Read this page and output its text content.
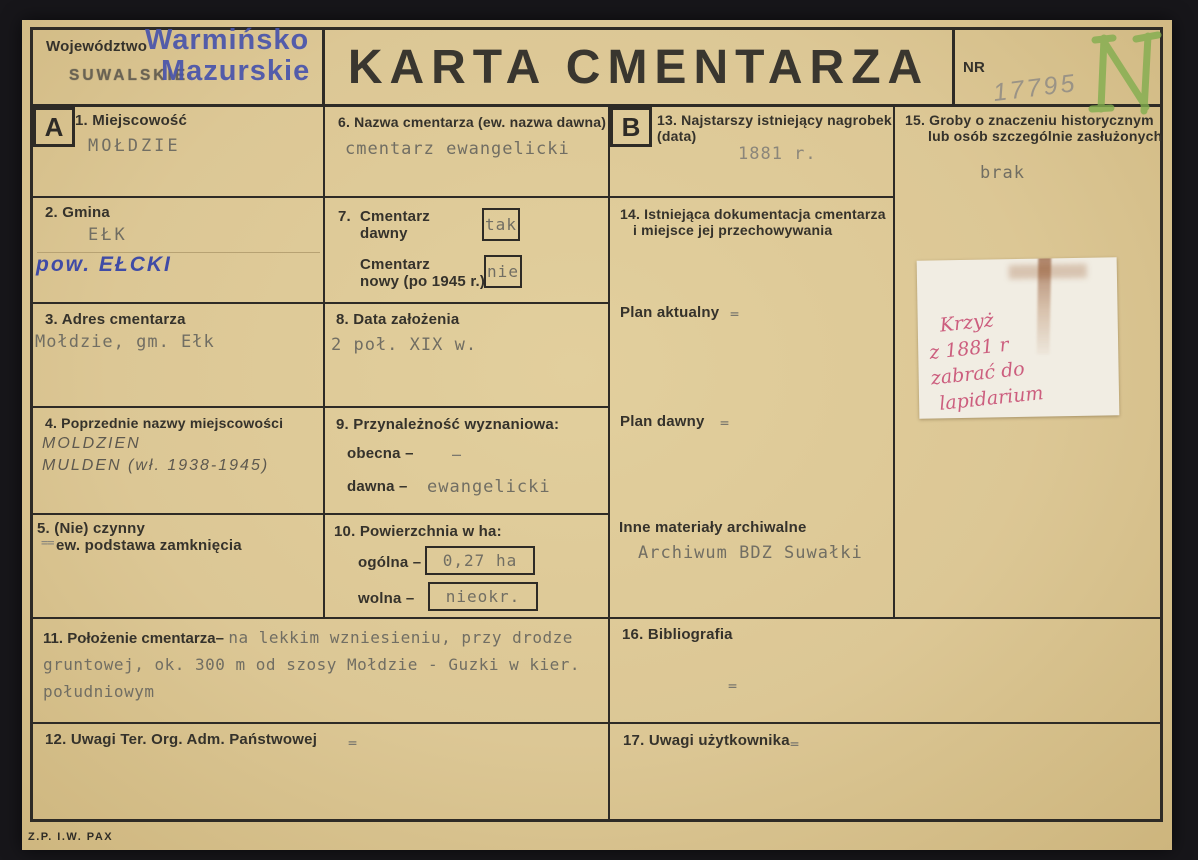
Z.P. I.W. PAX
Województwo
SUWALSKIE	KARTA CMENTARZA	NR
17795
Warmińsko
Mazurskie
A 1. Miejscowość
MOŁDZIE
2. Gmina
EŁK
pow. EŁCKI
3. Adres cmentarza
Mołdzie, gm. Ełk
4. Poprzednie nazwy miejscowości
MOLDZIEN
MULDEN (wł. 1938-1945)
5. (Nie) czynny
== ew. podstawa zamknięcia
6. Nazwa cmentarza (ew. nazwa dawna)
cmentarz ewangelicki
7. Cmentarz
dawny	tak
Cmentarz
nowy (po 1945 r.)
nie
8. Data założenia
2 poł. XIX w.
9. Przynależność wyznaniowa:
obecna –	–
dawna – ewangelicki
10. Powierzchnia w ha:
ogólna – 0,27 ha
wolna – nieokr.
B	13. Najstarszy istniejący nagrobek
(data)
1881 r.
14. Istniejąca dokumentacja cmentarza
i miejsce jej przechowywania
Plan aktualny =
Plan dawny =
Inne materiały archiwalne
Archiwum BDZ Suwałki
15. Groby o znaczeniu historycznym
lub osób szczególnie zasłużonych
brak
Krzyż
z 1881 r
zabrać do
lapidarium
11. Położenie cmentarza– na lekkim wzniesieniu, przy drodze gruntowej, ok. 300 m od szosy Mołdzie - Guzki w kier. południowym
12. Uwagi Ter. Org. Adm. Państwowej =
16. Bibliografia
=
17. Uwagi użytkownika =
